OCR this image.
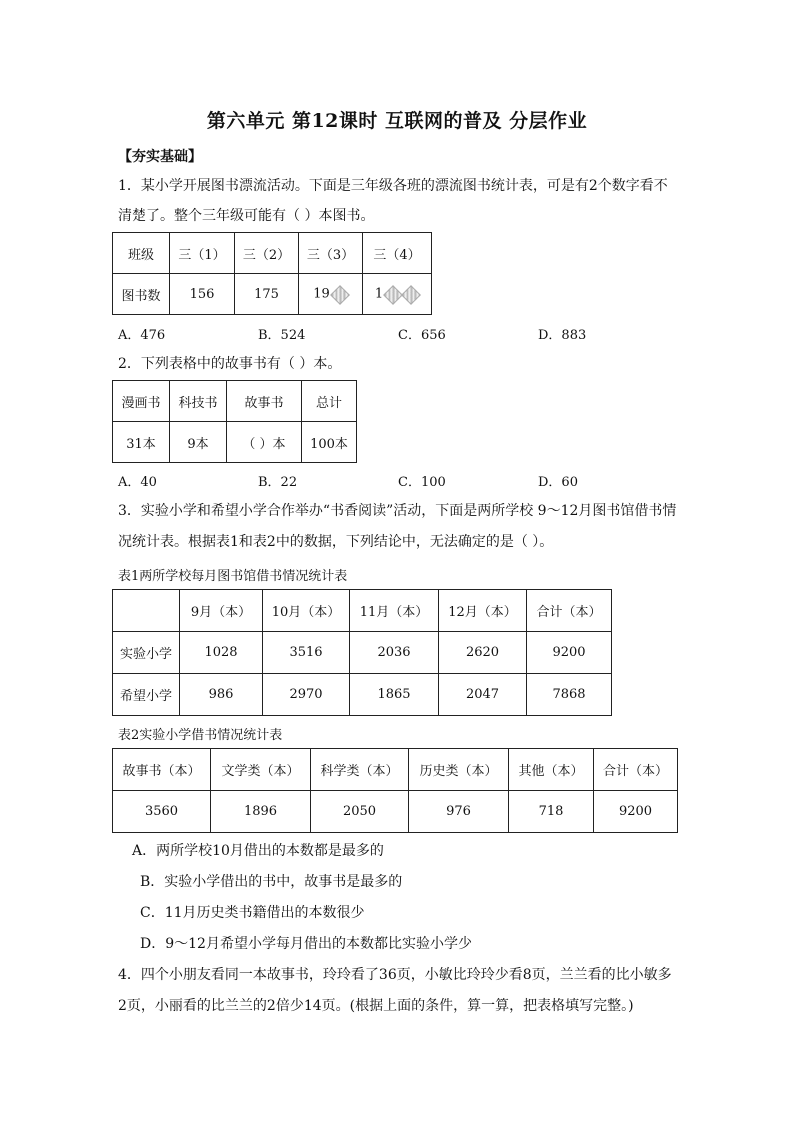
第六单元 第12课时 互联网的普及 分层作业
【夯实基础】
1．某小学开展图书漂流活动。下面是三年级各班的漂流图书统计表，可是有2个数字看不
清楚了。整个三年级可能有（ ）本图书。
班级	三（1）	三（2）	三（3）	三（4）
图书数	156	175	19	1
A．476	B．524	C．656	D．883
2．下列表格中的故事书有（ ）本。
漫画书	科技书	故事书	总计
31本	9本	（ ）本	100本
A．40	B．22	C．100	D．60
3．实验小学和希望小学合作举办“书香阅读”活动，下面是两所学校 9～12月图书馆借书情
况统计表。根据表1和表2中的数据，下列结论中，无法确定的是（ ）。
表1两所学校每月图书馆借书情况统计表
	9月（本）	10月（本）	11月（本）	12月（本）	合计（本）
实验小学	1028	3516	2036	2620	9200
希望小学	986	2970	1865	2047	7868
表2实验小学借书情况统计表
故事书（本）	文学类（本）	科学类（本）	历史类（本）	其他（本）	合计（本）
3560	1896	2050	976	718	9200
A．两所学校10月借出的本数都是最多的
B．实验小学借出的书中，故事书是最多的
C．11月历史类书籍借出的本数很少
D．9～12月希望小学每月借出的本数都比实验小学少
4．四个小朋友看同一本故事书，玲玲看了36页，小敏比玲玲少看8页，兰兰看的比小敏多
2页，小丽看的比兰兰的2倍少14页。(根据上面的条件，算一算，把表格填写完整。)
